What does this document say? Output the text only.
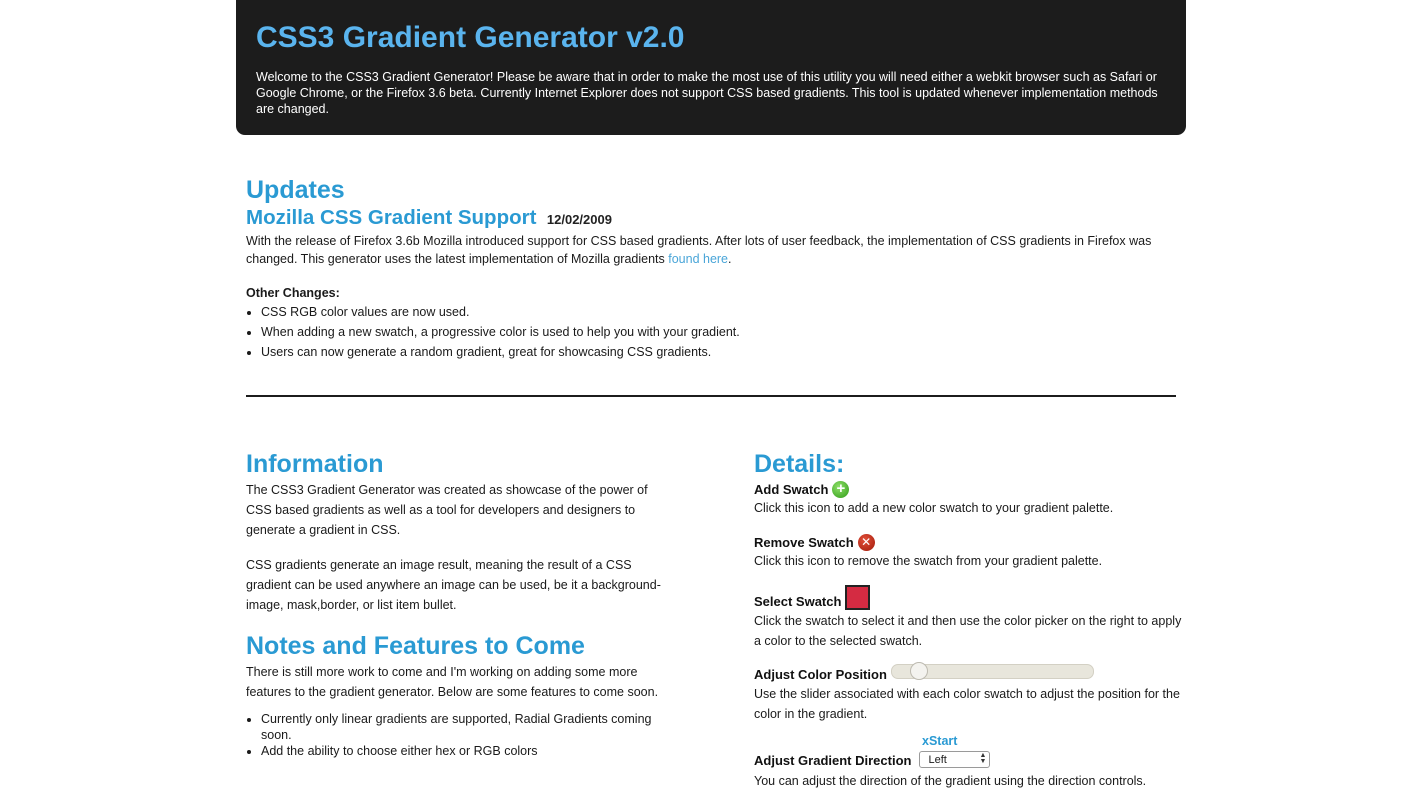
CSS3 Gradient Generator v2.0

Welcome to the CSS3 Gradient Generator! Please be aware that in order to make the most use of this utility you will need either a webkit browser such as Safari or Google Chrome, or the Firefox 3.6 beta. Currently Internet Explorer does not support CSS based gradients. This tool is updated whenever implementation methods are changed.

Updates
Mozilla CSS Gradient Support 12/02/2009

With the release of Firefox 3.6b Mozilla introduced support for CSS based gradients. After lots of user feedback, the implementation of CSS gradients in Firefox was changed. This generator uses the latest implementation of Mozilla gradients found here.

Other Changes:
• CSS RGB color values are now used.
• When adding a new swatch, a progressive color is used to help you with your gradient.
• Users can now generate a random gradient, great for showcasing CSS gradients.
Information

The CSS3 Gradient Generator was created as showcase of the power of CSS based gradients as well as a tool for developers and designers to generate a gradient in CSS.

CSS gradients generate an image result, meaning the result of a CSS gradient can be used anywhere an image can be used, be it a background-image, mask,border, or list item bullet.

Notes and Features to Come

There is still more work to come and I'm working on adding some more features to the gradient generator. Below are some features to come soon.

• Currently only linear gradients are supported, Radial Gradients coming soon.
• Add the ability to choose either hex or RGB colors
Details:
Add Swatch +
Click this icon to add a new color swatch to your gradient palette.
Remove Swatch ✕
Click this icon to remove the swatch from your gradient palette.
Select Swatch
Click the swatch to select it and then use the color picker on the right to apply a color to the selected swatch.
Adjust Color Position
Use the slider associated with each color swatch to adjust the position for the color in the gradient.
xStart
Adjust Gradient Direction Left	▲
▼
You can adjust the direction of the gradient using the direction controls.
